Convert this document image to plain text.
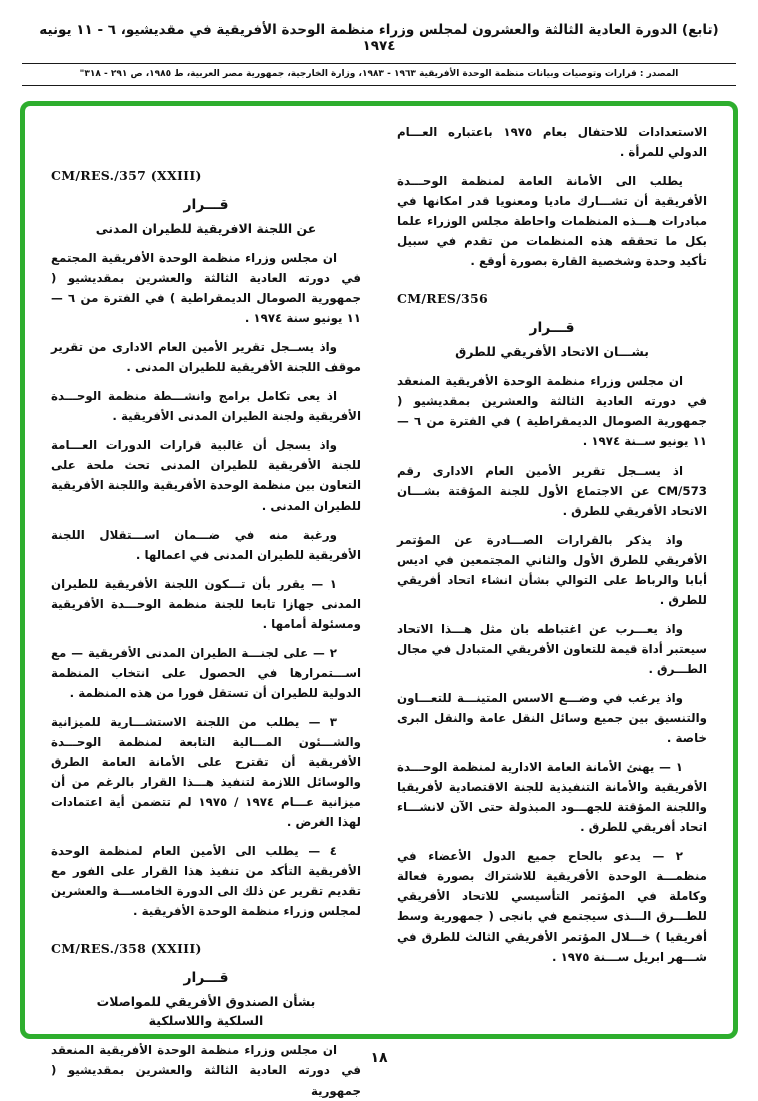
(تابع) الدورة العادية الثالثة والعشرون لمجلس وزراء منظمة الوحدة الأفريقية في مقديشيو، ٦ - ١١ يونيه ١٩٧٤
المصدر : قرارات وتوصيات وبيانات منظمة الوحدة الأفريقية ١٩٦٣ - ١٩٨٣، وزارة الخارجية، جمهورية مصر العربية، ط ١٩٨٥، ص ٢٩١ - ٣١٨"

الاستعدادات للاحتفال بعام ١٩٧٥ باعتباره العـــام الدولي للمرأة .

يطلب الى الأمانة العامة لمنظمة الوحـــدة الأفريقية أن تشـــارك ماديا ومعنويا قدر امكانها في مبادرات هـــذه المنظمات واحاطة مجلس الوزراء علما بكل ما تحققه هذه المنظمات من تقدم في سبيل تأكيد وحدة وشخصية القارة بصورة أوقع .

CM/RES/356
قـــرار
بشـــان الاتحاد الأفريقي للطرق

ان مجلس وزراء منظمة الوحدة الأفريقية المنعقد في دورته العادية الثالثة والعشرين بمقديشيو ( جمهورية الصومال الديمقراطية ) في الفترة من ٦ — ١١ يونيو ســنة ١٩٧٤ .

اذ يســجل تقرير الأمين العام الادارى رقم CM/573 عن الاجتماع الأول للجنة المؤقتة بشـــان الاتحاد الأفريقي للطرق .

واذ يذكر بالقرارات الصـــادرة عن المؤتمر الأفريقي للطرق الأول والثاني المجتمعين في اديس أبابا والرباط على التوالي بشأن انشاء اتحاد أفريقي للطرق .

واذ يعـــرب عن اغتباطه بان مثل هـــذا الاتحاد سيعتبر أداة قيمة للتعاون الأفريقي المتبادل في مجال الطـــرق .

واذ يرغب في وضـــع الاسس المتينـــة للتعـــاون والتنسيق بين جميع وسائل النقل عامة والنقل البرى خاصة .

١ — يهنئ الأمانة العامة الادارية لمنظمة الوحـــدة الأفريقية والأمانة التنفيذية للجنة الاقتصادية لأفريقيا واللجنة المؤقتة للجهـــود المبذولة حتى الآن لانشـــاء اتحاد أفريقي للطرق .

٢ — يدعو بالحاح جميع الدول الأعضاء في منظمـــة الوحدة الأفريقية للاشتراك بصورة فعالة وكاملة في المؤتمر التأسيسي للاتحاد الأفريقي للطـــرق الـــذى سيجتمع في بانجى ( جمهورية وسط أفريقيا ) خـــلال المؤتمر الأفريقي الثالث للطرق في شـــهر ابريل ســـنة ١٩٧٥ .

CM/RES./357 (XXIII)
قـــرار
عن اللجنة الافريقية للطيران المدنى

ان مجلس وزراء منظمة الوحدة الأفريقية المجتمع في دورته العادية الثالثة والعشرين بمقديشيو ( جمهورية الصومال الديمقراطية ) في الفترة من ٦ — ١١ يونيو سنة ١٩٧٤ .

واذ يســجل تقرير الأمين العام الادارى من تقرير موقف اللجنة الأفريقية للطيران المدنى .

اذ يعى تكامل برامج وانشـــطة منظمة الوحـــدة الأفريقية ولجنة الطيران المدنى الأفريقية .

واذ يسجل أن غالبية قرارات الدورات العـــامة للجنة الأفريقية للطيران المدنى تحث ملحة على التعاون بين منظمة الوحدة الأفريقية واللجنة الأفريقية للطيران المدنى .

ورغبة منه في ضـــمان اســـتقلال اللجنة الأفريقية للطيران المدنى في اعمالها .

١ — يقرر بأن تـــكون اللجنة الأفريقية للطيران المدنى جهازا تابعا للجنة منظمة الوحـــدة الأفريقية ومسئولة أمامها .

٢ — على لجنـــة الطيران المدنى الأفريقية — مع اســـتمرارها في الحصول على انتخاب المنظمة الدولية للطيران أن تستقل فورا من هذه المنظمة .

٣ — يطلب من اللجنة الاستشـــارية للميزانية والشـــئون المـــالية التابعة لمنظمة الوحـــدة الأفريقية أن تقترح على الأمانة العامة الطرق والوسائل اللازمة لتنفيذ هـــذا القرار بالرغم من أن ميزانية عـــام ١٩٧٤ / ١٩٧٥ لم تتضمن أية اعتمادات لهذا الغرض .

٤ — يطلب الى الأمين العام لمنظمة الوحدة الأفريقية التأكد من تنفيذ هذا القرار على الفور مع تقديم تقرير عن ذلك الى الدورة الخامســـة والعشرين لمجلس وزراء منظمة الوحدة الأفريقية .

CM/RES./358 (XXIII)
قـــرار
بشأن الصندوق الأفريقي للمواصلات
السلكية واللاسلكية

ان مجلس وزراء منظمة الوحدة الأفريقية المنعقد في دورته العادية الثالثة والعشرين بمقديشيو ( جمهورية

١٨
